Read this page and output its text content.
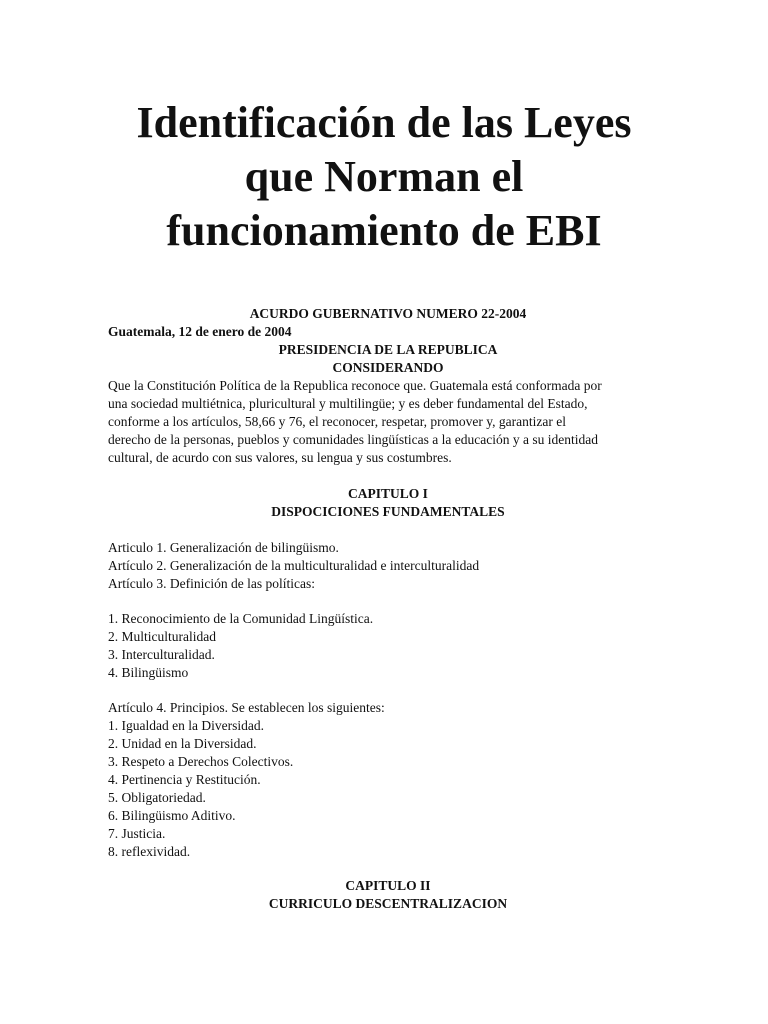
Identificación de las Leyes
que Norman el
funcionamiento de EBI
ACURDO GUBERNATIVO NUMERO 22-2004
Guatemala, 12 de enero de 2004
PRESIDENCIA DE LA REPUBLICA
CONSIDERANDO
Que la Constitución Política de la Republica reconoce que. Guatemala está conformada por
una sociedad multiétnica, pluricultural y multilingüe; y es deber fundamental del Estado,
conforme a los artículos, 58,66 y 76, el reconocer, respetar, promover y, garantizar el
derecho de la personas, pueblos y comunidades lingüísticas a la educación y a su identidad
cultural, de acurdo con sus valores, su lengua y sus costumbres.
CAPITULO I
DISPOCICIONES FUNDAMENTALES
Articulo 1. Generalización de bilingüismo.
Artículo 2. Generalización de la multiculturalidad e interculturalidad
Artículo 3. Definición de las políticas:
1. Reconocimiento de la Comunidad Lingüística.
2. Multiculturalidad
3. Interculturalidad.
4. Bilingüismo
Artículo 4. Principios. Se establecen los siguientes:
1. Igualdad en la Diversidad.
2. Unidad en la Diversidad.
3. Respeto a Derechos Colectivos.
4. Pertinencia y Restitución.
5. Obligatoriedad.
6. Bilingüismo Aditivo.
7. Justicia.
8. reflexividad.
CAPITULO II
CURRICULO DESCENTRALIZACION
